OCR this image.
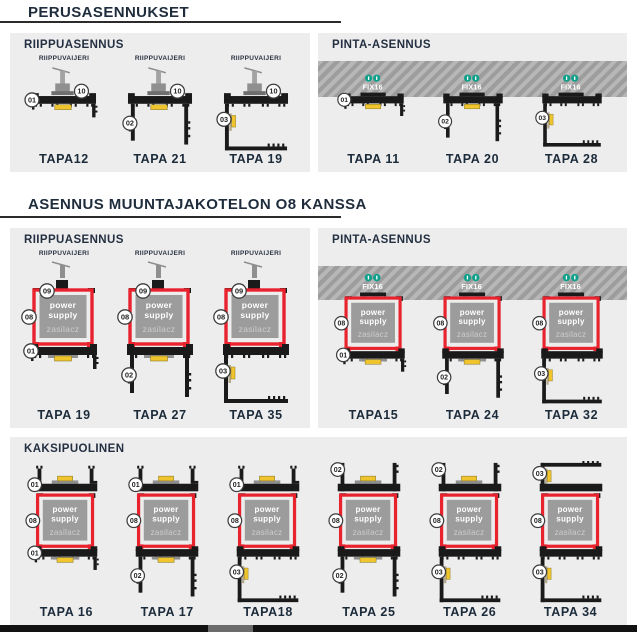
PERUSASENNUKSET
RIIPPUASENNUS
RIIPPUVAIJERI
10
01
TAPA12
RIIPPUVAIJERI
10
02
TAPA 21
RIIPPUVAIJERI
10
03
TAPA 19
PINTA-ASENNUS
FIX16
01
TAPA 11
FIX16
02
TAPA 20
FIX16
03
TAPA 28
ASENNUS MUUNTAJAKOTELON O8 KANSSA
RIIPPUASENNUS
RIIPPUVAIJERI
power
supply
zasilacz
09
08
01
TAPA 19
RIIPPUVAIJERI
power
supply
zasilacz
09
08
02
TAPA 27
RIIPPUVAIJERI
power
supply
zasilacz
09
08
03
TAPA 35
PINTA-ASENNUS
FIX16
power
supply
zasilacz
08
01
TAPA15
FIX16
power
supply
zasilacz
08
02
TAPA 24
FIX16
power
supply
zasilacz
08
03
TAPA 32
KAKSIPUOLINEN
power
supply
zasilacz
01
08
01
TAPA 16
power
supply
zasilacz
01
08
02
TAPA 17
power
supply
zasilacz
01
08
03
TAPA18
power
supply
zasilacz
02
08
02
TAPA 25
power
supply
zasilacz
02
08
03
TAPA 26
power
supply
zasilacz
03
08
03
TAPA 34
